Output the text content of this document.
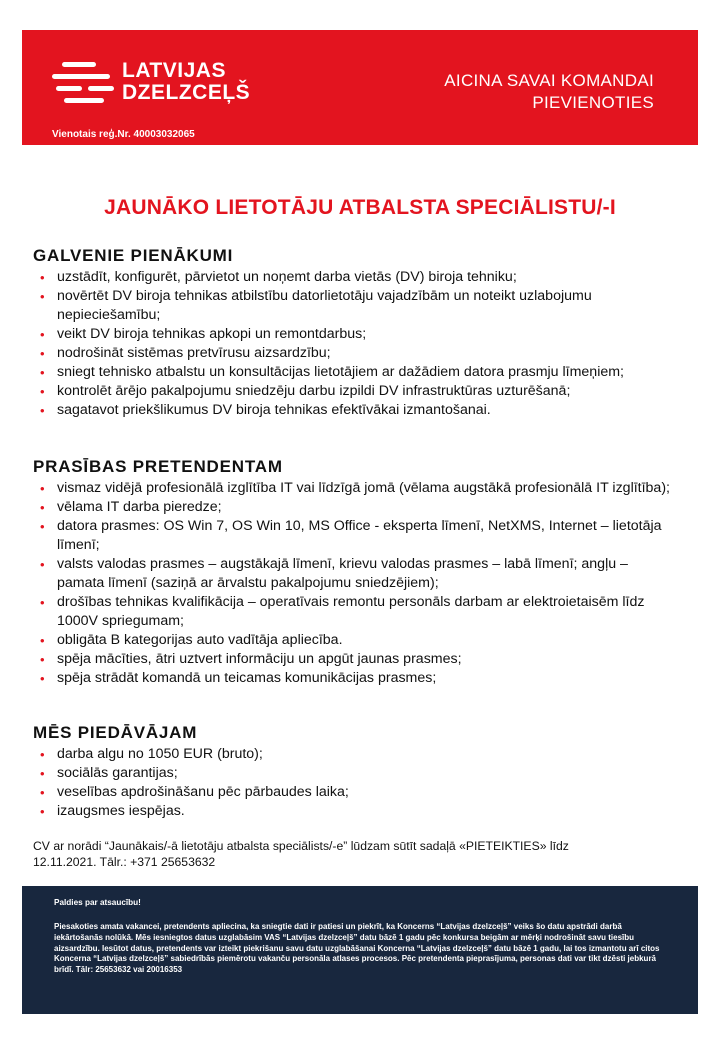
LATVIJAS
DZELZCEĻŠ
Vienotais reģ.Nr. 40003032065
AICINA SAVAI KOMANDAI
PIEVIENOTIES
JAUNĀKO LIETOTĀJU ATBALSTA SPECIĀLISTU/-I
GALVENIE PIENĀKUMI
• uzstādīt, konfigurēt, pārvietot un noņemt darba vietās (DV) biroja tehniku;
• novērtēt DV biroja tehnikas atbilstību datorlietotāju vajadzībām un noteikt uzlabojumu nepieciešamību;
• veikt DV biroja tehnikas apkopi un remontdarbus;
• nodrošināt sistēmas pretvīrusu aizsardzību;
• sniegt tehnisko atbalstu un konsultācijas lietotājiem ar dažādiem datora prasmju līmeņiem;
• kontrolēt ārējo pakalpojumu sniedzēju darbu izpildi DV infrastruktūras uzturēšanā;
• sagatavot priekšlikumus DV biroja tehnikas efektīvākai izmantošanai.
PRASĪBAS PRETENDENTAM
• vismaz vidējā profesionālā izglītība IT vai līdzīgā jomā (vēlama augstākā profesionālā IT izglītība);
• vēlama IT darba pieredze;
• datora prasmes: OS Win 7, OS Win 10, MS Office - eksperta līmenī, NetXMS, Internet – lietotāja līmenī;
• valsts valodas prasmes – augstākajā līmenī, krievu valodas prasmes – labā līmenī; angļu – pamata līmenī (saziņā ar ārvalstu pakalpojumu sniedzējiem);
• drošības tehnikas kvalifikācija – operatīvais remontu personāls darbam ar elektroietaisēm līdz 1000V spriegumam;
• obligāta B kategorijas auto vadītāja apliecība.
• spēja mācīties, ātri uztvert informāciju un apgūt jaunas prasmes;
• spēja strādāt komandā un teicamas komunikācijas prasmes;
MĒS PIEDĀVĀJAM
• darba algu no 1050 EUR (bruto);
• sociālās garantijas;
• veselības apdrošināšanu pēc pārbaudes laika;
• izaugsmes iespējas.
CV ar norādi “Jaunākais/-ā lietotāju atbalsta speciālists/-e” lūdzam sūtīt sadaļā «PIETEIKTIES» līdz
12.11.2021. Tālr.: +371 25653632
Paldies par atsaucību!
Piesakoties amata vakancei, pretendents apliecina, ka sniegtie dati ir patiesi un piekrīt, ka Koncerns “Latvijas dzelzceļš” veiks šo datu apstrādi darbā iekārtošanās nolūkā. Mēs iesniegtos datus uzglabāsim VAS “Latvijas dzelzceļš” datu bāzē 1 gadu pēc konkursa beigām ar mērķi nodrošināt savu tiesību aizsardzību. Iesūtot datus, pretendents var izteikt piekrišanu savu datu uzglabāšanai Koncerna “Latvijas dzelzceļš” datu bāzē 1 gadu, lai tos izmantotu arī citos Koncerna “Latvijas dzelzceļš” sabiedrībās piemērotu vakanču personāla atlases procesos. Pēc pretendenta pieprasījuma, personas dati var tikt dzēsti jebkurā brīdī. Tālr: 25653632 vai 20016353
